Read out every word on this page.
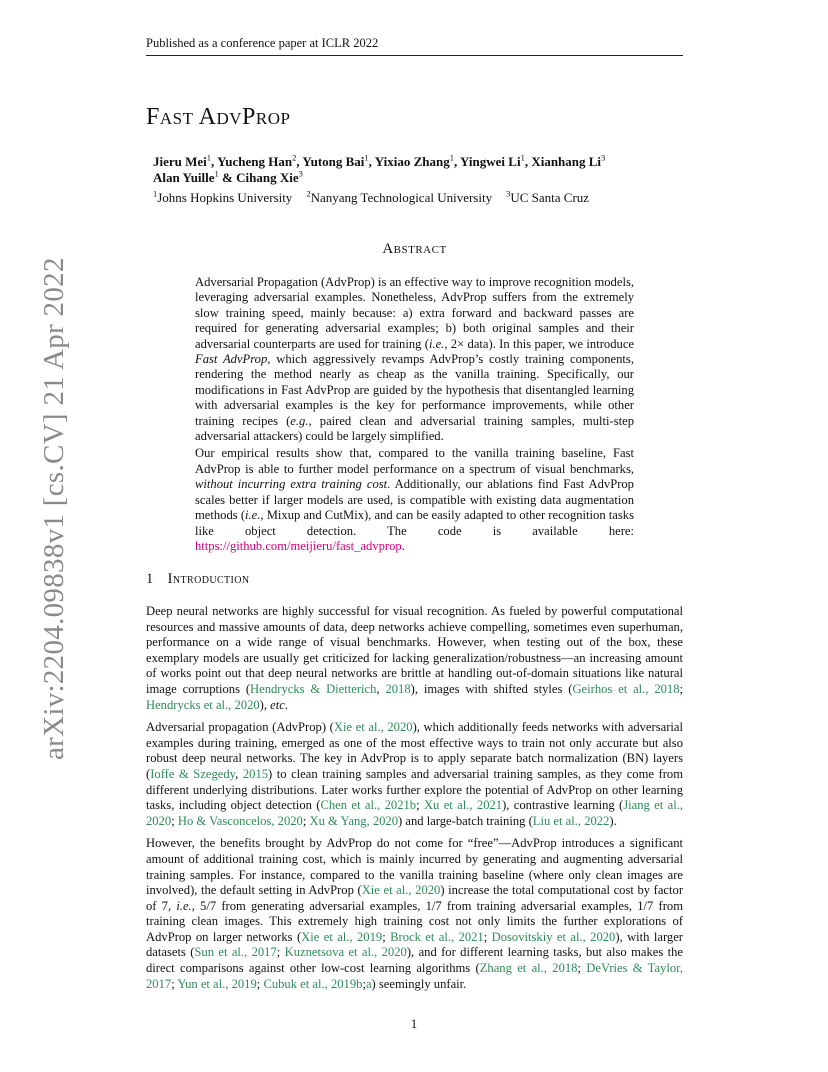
Published as a conference paper at ICLR 2022
arXiv:2204.09838v1 [cs.CV] 21 Apr 2022
Fast AdvProp
Jieru Mei$^1$, Yucheng Han$^2$, Yutong Bai$^1$, Yixiao Zhang$^1$, Yingwei Li$^1$, Xianhang Li$^3$
Alan Yuille$^1$ & Cihang Xie$^3$
$^1$Johns Hopkins University $^2$Nanyang Technological University $^3$UC Santa Cruz
Abstract

Adversarial Propagation (AdvProp) is an effective way to improve recognition models, leveraging adversarial examples. Nonetheless, AdvProp suffers from the extremely slow training speed, mainly because: a) extra forward and backward passes are required for generating adversarial examples; b) both original samples and their adversarial counterparts are used for training (i.e., 2× data). In this paper, we introduce Fast AdvProp, which aggressively revamps AdvProp’s costly training components, rendering the method nearly as cheap as the vanilla training. Specifically, our modifications in Fast AdvProp are guided by the hypothesis that disentangled learning with adversarial examples is the key for performance improvements, while other training recipes (e.g., paired clean and adversarial training samples, multi-step adversarial attackers) could be largely simplified.

Our empirical results show that, compared to the vanilla training baseline, Fast AdvProp is able to further model performance on a spectrum of visual benchmarks, without incurring extra training cost. Additionally, our ablations find Fast AdvProp scales better if larger models are used, is compatible with existing data augmentation methods (i.e., Mixup and CutMix), and can be easily adapted to other recognition tasks like object detection. The code is available here: https://github.com/meijieru/fast_advprop.

1 Introduction

Deep neural networks are highly successful for visual recognition. As fueled by powerful computational resources and massive amounts of data, deep networks achieve compelling, sometimes even superhuman, performance on a wide range of visual benchmarks. However, when testing out of the box, these exemplary models are usually get criticized for lacking generalization/robustness—an increasing amount of works point out that deep neural networks are brittle at handling out-of-domain situations like natural image corruptions (Hendrycks & Dietterich, 2018), images with shifted styles (Geirhos et al., 2018; Hendrycks et al., 2020), etc.

Adversarial propagation (AdvProp) (Xie et al., 2020), which additionally feeds networks with adversarial examples during training, emerged as one of the most effective ways to train not only accurate but also robust deep neural networks. The key in AdvProp is to apply separate batch normalization (BN) layers (Ioffe & Szegedy, 2015) to clean training samples and adversarial training samples, as they come from different underlying distributions. Later works further explore the potential of AdvProp on other learning tasks, including object detection (Chen et al., 2021b; Xu et al., 2021), contrastive learning (Jiang et al., 2020; Ho & Vasconcelos, 2020; Xu & Yang, 2020) and large-batch training (Liu et al., 2022).

However, the benefits brought by AdvProp do not come for “free”—AdvProp introduces a significant amount of additional training cost, which is mainly incurred by generating and augmenting adversarial training samples. For instance, compared to the vanilla training baseline (where only clean images are involved), the default setting in AdvProp (Xie et al., 2020) increase the total computational cost by factor of 7, i.e., 5/7 from generating adversarial examples, 1/7 from training adversarial examples, 1/7 from training clean images. This extremely high training cost not only limits the further explorations of AdvProp on larger networks (Xie et al., 2019; Brock et al., 2021; Dosovitskiy et al., 2020), with larger datasets (Sun et al., 2017; Kuznetsova et al., 2020), and for different learning tasks, but also makes the direct comparisons against other low-cost learning algorithms (Zhang et al., 2018; DeVries & Taylor, 2017; Yun et al., 2019; Cubuk et al., 2019b;a) seemingly unfair.

1
